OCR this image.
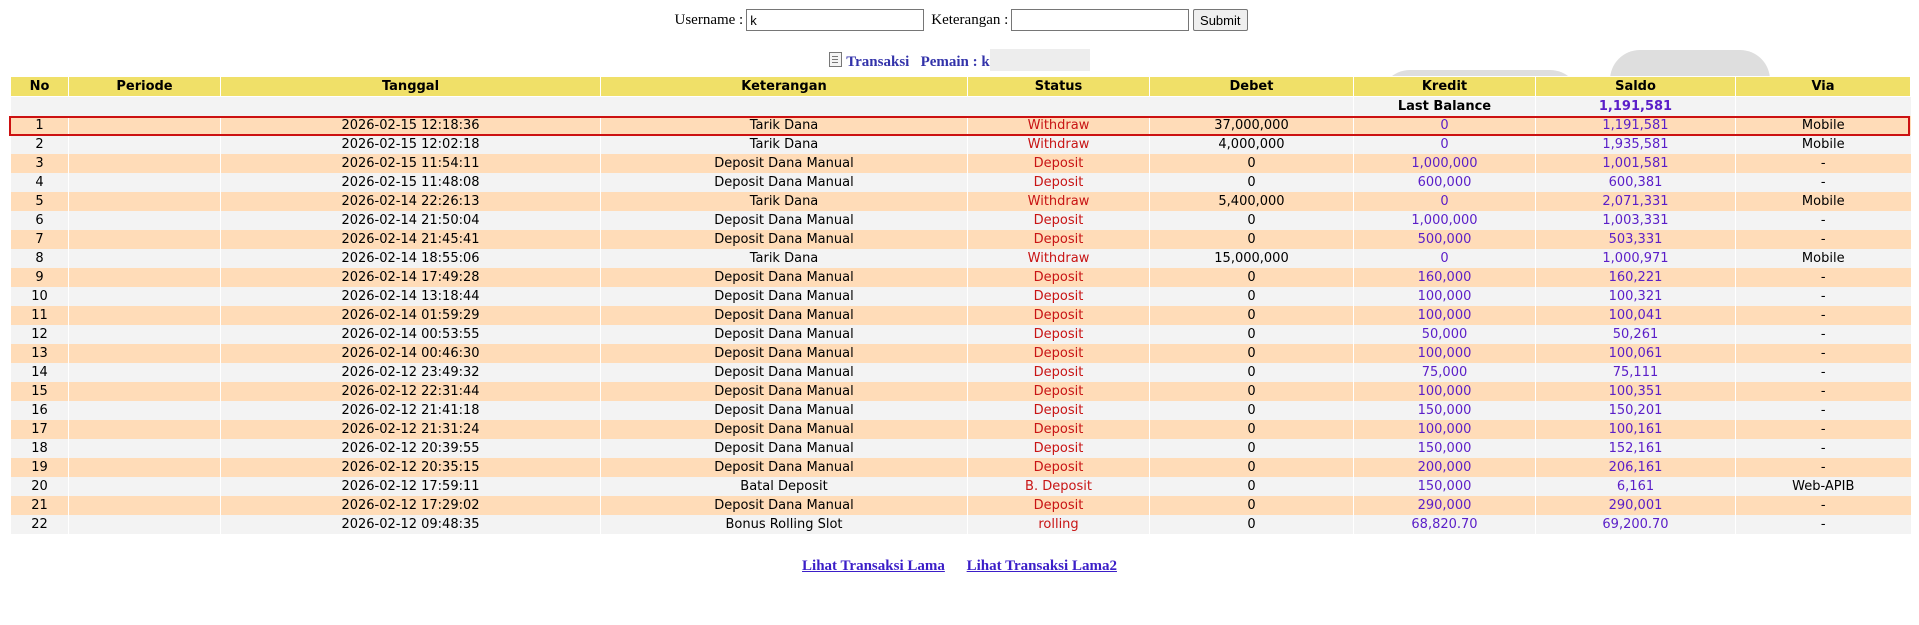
Username :k	Keterangan :	Submit
Transaksi Pemain : k
No	Periode	Tanggal	Keterangan	Status	Debet	Kredit	Saldo	Via
						Last Balance	1,191,581	
1		2026-02-15 12:18:36	Tarik Dana	Withdraw	37,000,000	0	1,191,581	Mobile
2		2026-02-15 12:02:18	Tarik Dana	Withdraw	4,000,000	0	1,935,581	Mobile
3		2026-02-15 11:54:11	Deposit Dana Manual	Deposit	0	1,000,000	1,001,581	-
4		2026-02-15 11:48:08	Deposit Dana Manual	Deposit	0	600,000	600,381	-
5		2026-02-14 22:26:13	Tarik Dana	Withdraw	5,400,000	0	2,071,331	Mobile
6		2026-02-14 21:50:04	Deposit Dana Manual	Deposit	0	1,000,000	1,003,331	-
7		2026-02-14 21:45:41	Deposit Dana Manual	Deposit	0	500,000	503,331	-
8		2026-02-14 18:55:06	Tarik Dana	Withdraw	15,000,000	0	1,000,971	Mobile
9		2026-02-14 17:49:28	Deposit Dana Manual	Deposit	0	160,000	160,221	-
10		2026-02-14 13:18:44	Deposit Dana Manual	Deposit	0	100,000	100,321	-
11		2026-02-14 01:59:29	Deposit Dana Manual	Deposit	0	100,000	100,041	-
12		2026-02-14 00:53:55	Deposit Dana Manual	Deposit	0	50,000	50,261	-
13		2026-02-14 00:46:30	Deposit Dana Manual	Deposit	0	100,000	100,061	-
14		2026-02-12 23:49:32	Deposit Dana Manual	Deposit	0	75,000	75,111	-
15		2026-02-12 22:31:44	Deposit Dana Manual	Deposit	0	100,000	100,351	-
16		2026-02-12 21:41:18	Deposit Dana Manual	Deposit	0	150,000	150,201	-
17		2026-02-12 21:31:24	Deposit Dana Manual	Deposit	0	100,000	100,161	-
18		2026-02-12 20:39:55	Deposit Dana Manual	Deposit	0	150,000	152,161	-
19		2026-02-12 20:35:15	Deposit Dana Manual	Deposit	0	200,000	206,161	-
20		2026-02-12 17:59:11	Batal Deposit	B. Deposit	0	150,000	6,161	Web-APIB
21		2026-02-12 17:29:02	Deposit Dana Manual	Deposit	0	290,000	290,001	-
22		2026-02-12 09:48:35	Bonus Rolling Slot	rolling	0	68,820.70	69,200.70	-
Lihat Transaksi Lama Lihat Transaksi Lama2
